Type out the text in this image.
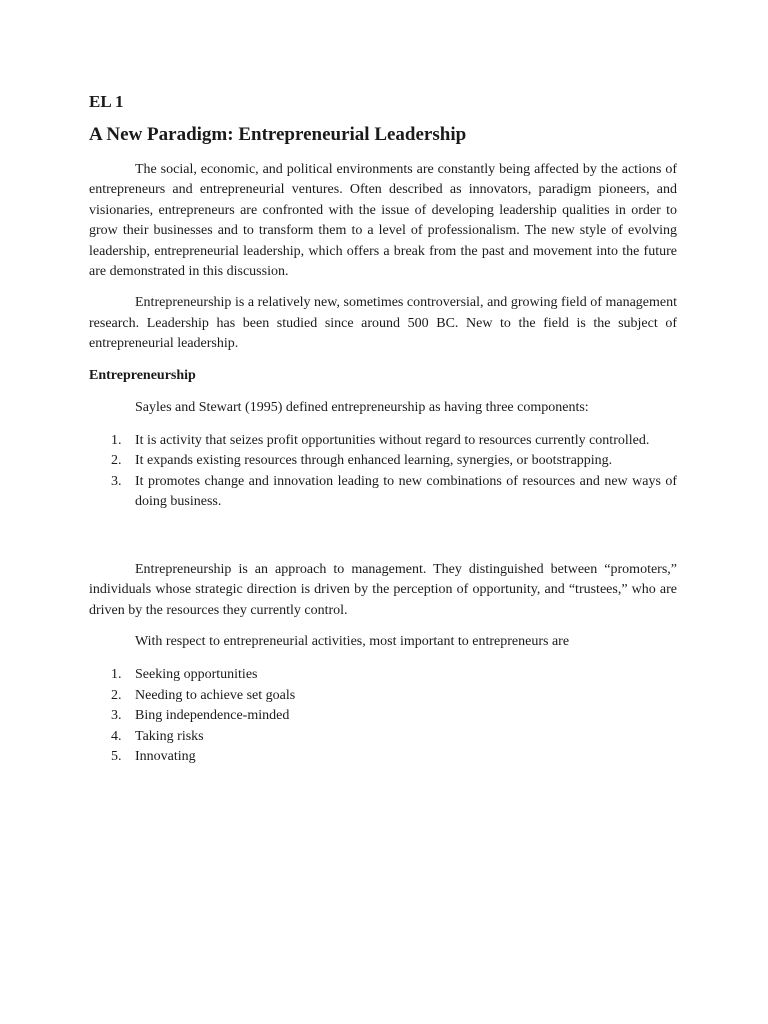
EL 1
A New Paradigm: Entrepreneurial Leadership

The social, economic, and political environments are constantly being affected by the actions of entrepreneurs and entrepreneurial ventures. Often described as innovators, paradigm pioneers, and visionaries, entrepreneurs are confronted with the issue of developing leadership qualities in order to grow their businesses and to transform them to a level of professionalism. The new style of evolving leadership, entrepreneurial leadership, which offers a break from the past and movement into the future are demonstrated in this discussion.

Entrepreneurship is a relatively new, sometimes controversial, and growing field of management research. Leadership has been studied since around 500 BC. New to the field is the subject of entrepreneurial leadership.

Entrepreneurship

Sayles and Stewart (1995) defined entrepreneurship as having three components:

1. It is activity that seizes profit opportunities without regard to resources currently controlled.
2. It expands existing resources through enhanced learning, synergies, or bootstrapping.
3. It promotes change and innovation leading to new combinations of resources and new ways of doing business.

Entrepreneurship is an approach to management. They distinguished between “promoters,” individuals whose strategic direction is driven by the perception of opportunity, and “trustees,” who are driven by the resources they currently control.

With respect to entrepreneurial activities, most important to entrepreneurs are

1. Seeking opportunities
2. Needing to achieve set goals
3. Bing independence-minded
4. Taking risks
5. Innovating
